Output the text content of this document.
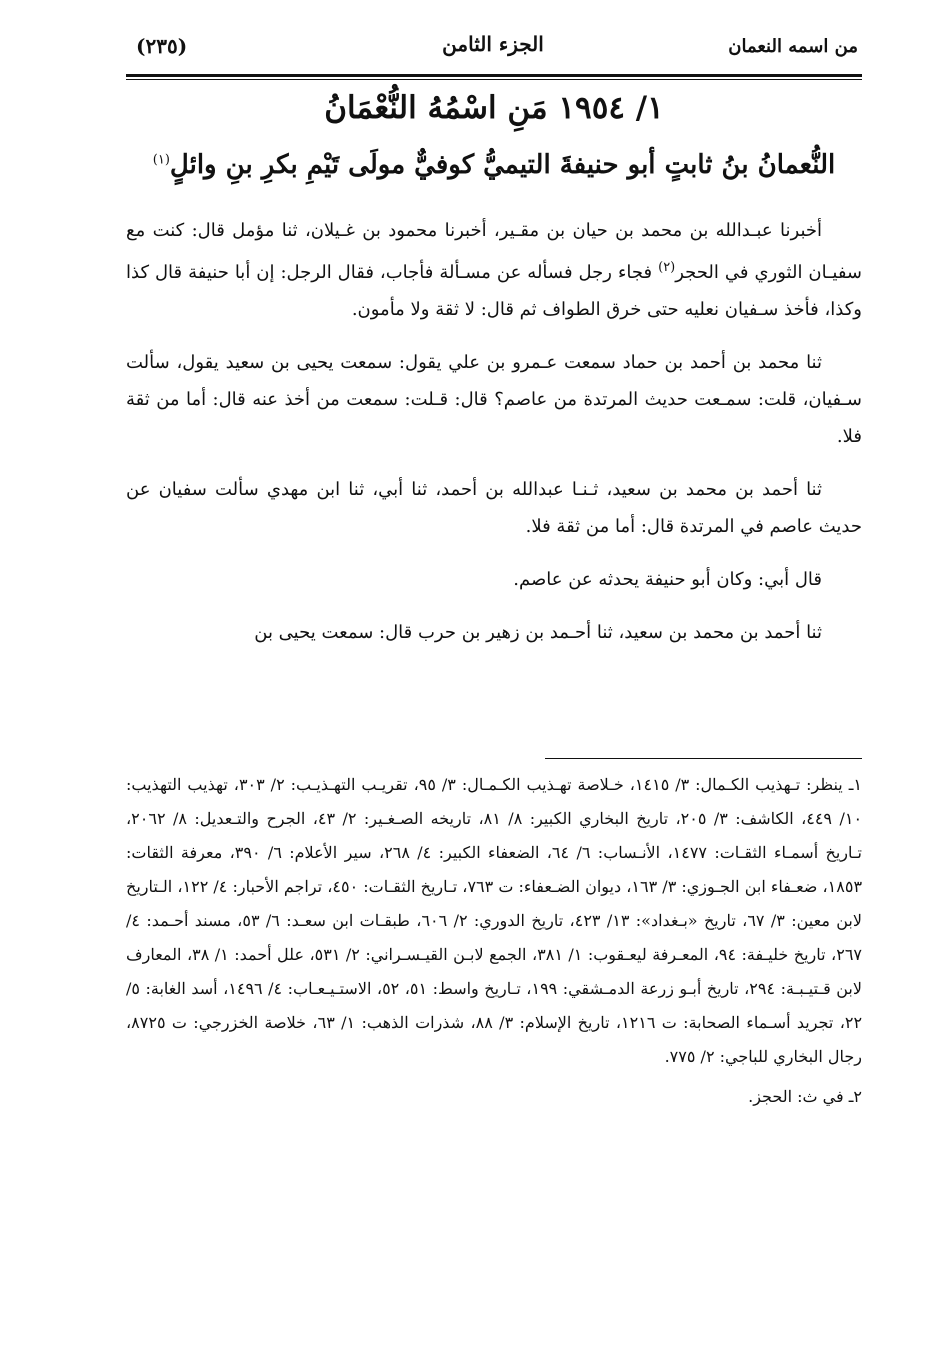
(٢٣٥)	الجزء الثامن	من اسمه النعمان
١/ ١٩٥٤ مَنِ اسْمُهُ النُّعْمَانُ
النُّعمانُ بنُ ثابتٍ أبو حنيفةَ التيميُّ كوفيٌّ مولَى تَيْمِ بكرِ بنِ وائلٍ$^{(١)}$

أخبرنا عبـدالله بن محمد بن حيان بن مقـير، أخبرنا محمود بن غـيلان، ثنا مؤمل قال: كنت مع سفيـان الثوري في الحجر$^{(٢)}$ فجاء رجل فسأله عن مسـألة فأجاب، فقال الرجل: إن أبا حنيفة قال كذا وكذا، فأخذ سـفيان نعليه حتى خرق الطواف ثم قال: لا ثقة ولا مأمون.

ثنا محمد بن أحمد بن حماد سمعت عـمرو بن علي يقول: سمعت يحيى بن سعيد يقول، سألت سـفيان، قلت: سمـعت حديث المرتدة من عاصم؟ قال: قـلت: سمعت من أخذ عنه قال: أما من ثقة فلا.

ثنا أحمد بن محمد بن سعيد، ثـنـا عبدالله بن أحمد، ثنا أبي، ثنا ابن مهدي سألت سفيان عن حديث عاصم في المرتدة قال: أما من ثقة فلا.

قال أبي: وكان أبو حنيفة يحدثه عن عاصم.

ثنا أحمد بن محمد بن سعيد، ثنا أحـمد بن زهير بن حرب قال: سمعت يحيى بن

١ـ ينظر: تـهذيب الكـمال: ٣/ ١٤١٥، خـلاصة تهـذيب الكـمـال: ٣/ ٩٥، تقريـب التهـذيـب: ٢/ ٣٠٣، تهذيب التهذيب: ١٠/ ٤٤٩، الكاشف: ٣/ ٢٠٥، تاريخ البخاري الكبير: ٨/ ٨١، تاريخه الصـغـير: ٢/ ٤٣، الجرح والتـعديل: ٨/ ٢٠٦٢، تـاريخ أسمـاء الثقـات: ١٤٧٧، الأنـساب: ٦/ ٦٤، الضعفاء الكبير: ٤/ ٢٦٨، سير الأعلام: ٦/ ٣٩٠، معرفة الثقات: ١٨٥٣، ضعـفاء ابن الجـوزي: ٣/ ١٦٣، ديوان الضـعفاء: ت ٧٦٣، تـاريخ الثقـات: ٤٥٠، تراجم الأحبار: ٤/ ١٢٢، الـتاريخ لابن معين: ٣/ ٦٧، تاريخ «بـغداد»: ١٣/ ٤٢٣، تاريخ الدوري: ٢/ ٦٠٦، طبقـات ابن سعـد: ٦/ ٥٣، مسند أحـمد: ٤/ ٢٦٧، تاريخ خليـفة: ٩٤، المعـرفة ليعـقوب: ١/ ٣٨١، الجمع لابـن القيـسـراني: ٢/ ٥٣١، علل أحمد: ١/ ٣٨، المعارف لابن قـتيـبـة: ٢٩٤، تاريخ أبـو زرعة الدمـشقي: ١٩٩، تـاريخ واسط: ٥١، ٥٢، الاستـيـعـاب: ٤/ ١٤٩٦، أسد الغابة: ٥/ ٢٢، تجريد أسـماء الصحابة: ت ١٢١٦، تاريخ الإسلام: ٣/ ٨٨، شذرات الذهب: ١/ ٦٣، خلاصة الخزرجي: ت ٨٧٢٥، رجال البخاري للباجي: ٢/ ٧٧٥.

٢ـ في ث: الحجز.
